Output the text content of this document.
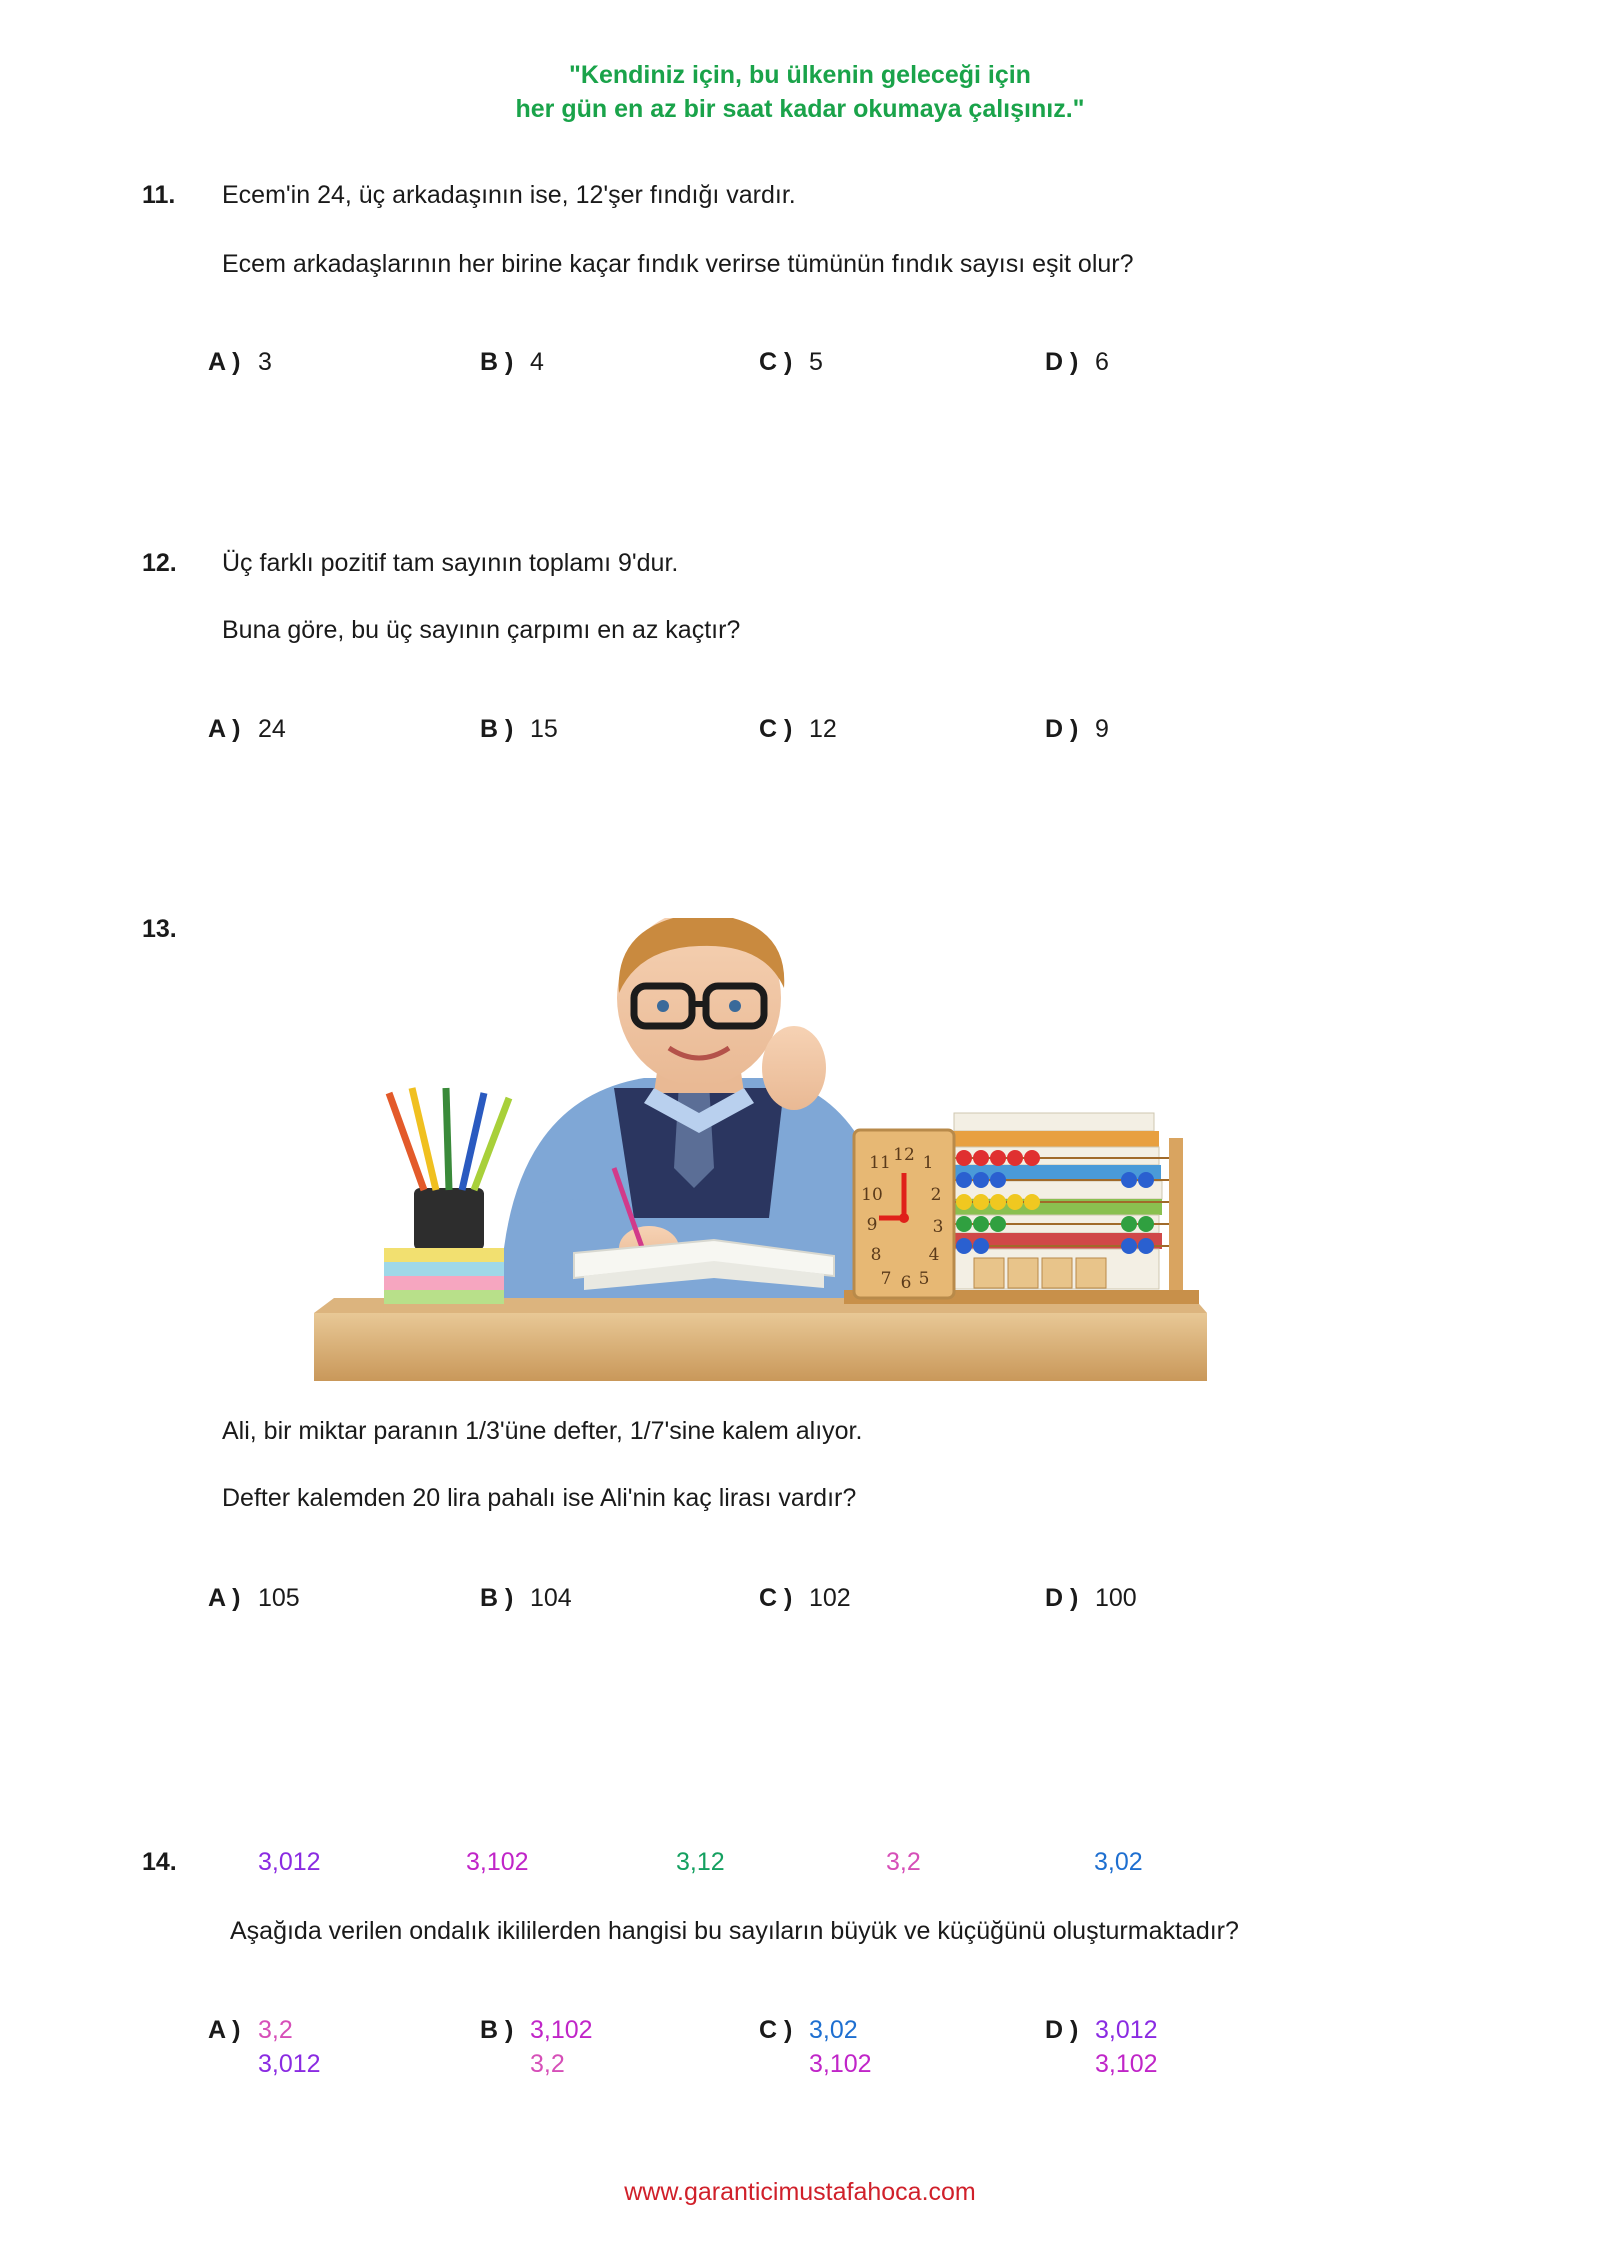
"Kendiniz için, bu ülkenin geleceği için
her gün en az bir saat kadar okumaya çalışınız."
11. Ecem'in 24, üç arkadaşının ise, 12'şer fındığı vardır.
Ecem arkadaşlarının her birine kaçar fındık verirse tümünün fındık sayısı eşit olur?
A ) 3	B ) 4	C ) 5	D ) 6
12. Üç farklı pozitif tam sayının toplamı 9'dur.
Buna göre, bu üç sayının çarpımı en az kaçtır?
A ) 24	B ) 15	C ) 12	D ) 9
13.
12
11 1
10	2
9	3
8	4
7 6 5
Ali, bir miktar paranın 1/3'üne defter, 1/7'sine kalem alıyor.
Defter kalemden 20 lira pahalı ise Ali'nin kaç lirası vardır?
A ) 105	B ) 104	C ) 102	D ) 100
14.	3,012	3,102	3,12	3,2	3,02
Aşağıda verilen ondalık ikililerden hangisi bu sayıların büyük ve küçüğünü oluşturmaktadır?
A ) 3,2
3,012
B ) 3,102
3,2
C ) 3,02
3,102
D ) 3,012
3,102
www.garanticimustafahoca.com
